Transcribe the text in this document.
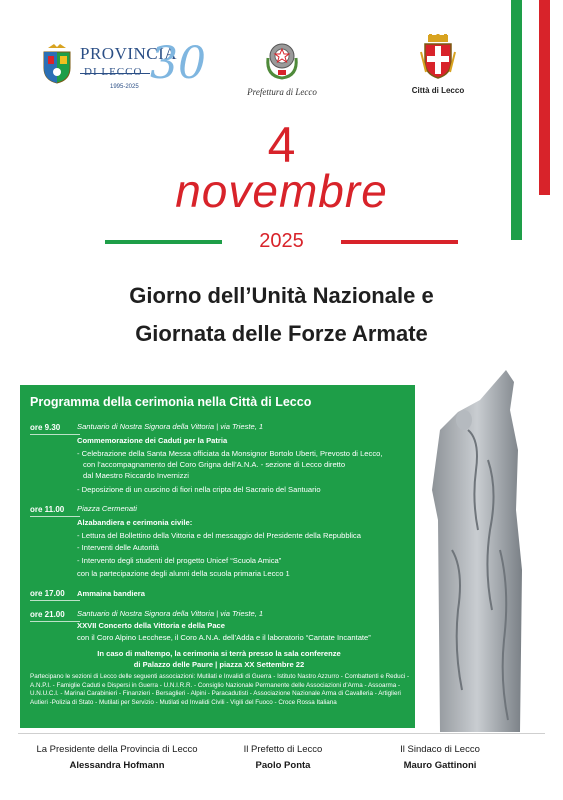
PROVINCIA
DI LECCO 30
1995-2025	Prefettura di Lecco	Città di Lecco
4
novembre
2025
Giorno dell’Unità Nazionale e
Giornata delle Forze Armate
Programma della cerimonia nella Città di Lecco
ore 9.30 Santuario di Nostra Signora della Vittoria | via Trieste, 1
Commemorazione dei Caduti per la Patria
- Celebrazione della Santa Messa officiata da Monsignor Bortolo Uberti, Prevosto di Lecco,
con l’accompagnamento del Coro Grigna dell’A.N.A. - sezione di Lecco diretto
dal Maestro Riccardo Invernizzi
- Deposizione di un cuscino di fiori nella cripta del Sacrario del Santuario
ore 11.00 Piazza Cermenati
Alzabandiera e cerimonia civile:
- Lettura del Bollettino della Vittoria e del messaggio del Presidente della Repubblica
- Interventi delle Autorità
- Intervento degli studenti del progetto Unicef “Scuola Amica”
con la partecipazione degli alunni della scuola primaria Lecco 1
ore 17.00 Ammaina bandiera
ore 21.00 Santuario di Nostra Signora della Vittoria | via Trieste, 1
XXVII Concerto della Vittoria e della Pace
con il Coro Alpino Lecchese, il Coro A.N.A. dell’Adda e il laboratorio “Cantate Incantate”
In caso di maltempo, la cerimonia si terrà presso la sala conferenze
di Palazzo delle Paure | piazza XX Settembre 22
Partecipano le sezioni di Lecco delle seguenti associazioni: Mutilati e Invalidi di Guerra - Istituto Nastro Azzurro - Combattenti e Reduci - A.N.P.I. - Famiglie Caduti e Dispersi in Guerra - U.N.I.R.R. - Consiglio Nazionale Permanente delle Associazioni d’Arma - Assoarma - U.N.U.C.I. - Marinai Carabinieri - Finanzieri - Bersaglieri - Alpini - Paracadutisti - Associazione Nazionale Arma di Cavalleria - Artiglieri Autieri -Polizia di Stato - Mutilati per Servizio - Mutilati ed Invalidi Civili - Vigili del Fuoco - Croce Rossa Italiana
La Presidente della Provincia di Lecco
Alessandra Hofmann
Il Prefetto di Lecco
Paolo Ponta
Il Sindaco di Lecco
Mauro Gattinoni
